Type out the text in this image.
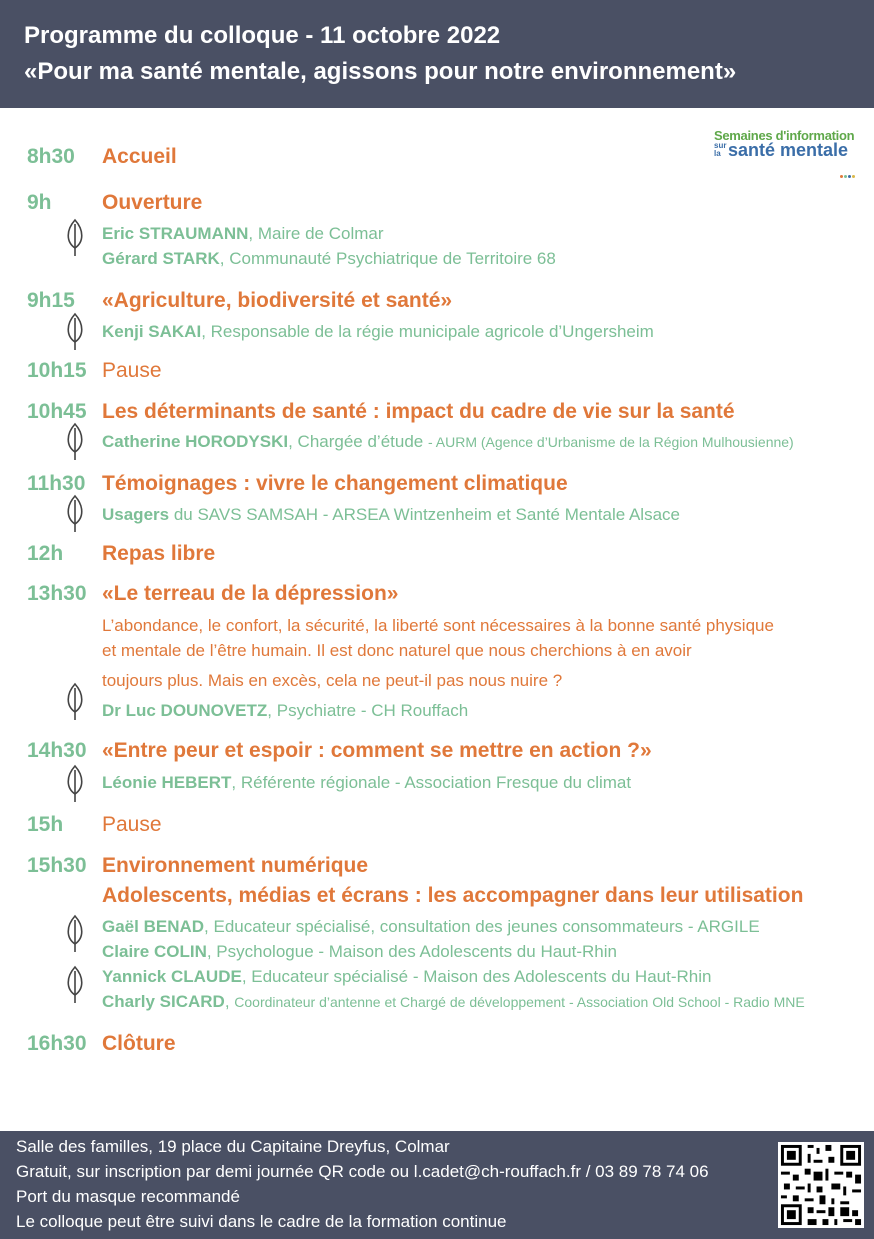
Programme du colloque - 11 octobre 2022
«Pour ma santé mentale, agissons pour notre environnement»
Semaines d'information
sur
la santé mentale
8h30 Accueil
9h Ouverture
Eric STRAUMANN, Maire de Colmar
Gérard STARK, Communauté Psychiatrique de Territoire 68
9h15 «Agriculture, biodiversité et santé»
Kenji SAKAI, Responsable de la régie municipale agricole d’Ungersheim
10h15 Pause
10h45 Les déterminants de santé : impact du cadre de vie sur la santé
Catherine HORODYSKI, Chargée d’étude - AURM (Agence d’Urbanisme de la Région Mulhousienne)
11h30 Témoignages : vivre le changement climatique
Usagers du SAVS SAMSAH - ARSEA Wintzenheim et Santé Mentale Alsace
12h Repas libre
13h30 «Le terreau de la dépression»
L’abondance, le confort, la sécurité, la liberté sont nécessaires à la bonne santé physique
et mentale de l’être humain. Il est donc naturel que nous cherchions à en avoir
toujours plus. Mais en excès, cela ne peut-il pas nous nuire ?
Dr Luc DOUNOVETZ, Psychiatre - CH Rouffach
14h30 «Entre peur et espoir : comment se mettre en action ?»
Léonie HEBERT, Référente régionale - Association Fresque du climat
15h Pause
15h30 Environnement numérique
Adolescents, médias et écrans : les accompagner dans leur utilisation
Gaël BENAD, Educateur spécialisé, consultation des jeunes consommateurs - ARGILE
Claire COLIN, Psychologue - Maison des Adolescents du Haut-Rhin
Yannick CLAUDE, Educateur spécialisé - Maison des Adolescents du Haut-Rhin
Charly SICARD, Coordinateur d’antenne et Chargé de développement - Association Old School - Radio MNE
16h30 Clôture
Salle des familles, 19 place du Capitaine Dreyfus, Colmar
Gratuit, sur inscription par demi journée QR code ou l.cadet@ch-rouffach.fr / 03 89 78 74 06
Port du masque recommandé
Le colloque peut être suivi dans le cadre de la formation continue
